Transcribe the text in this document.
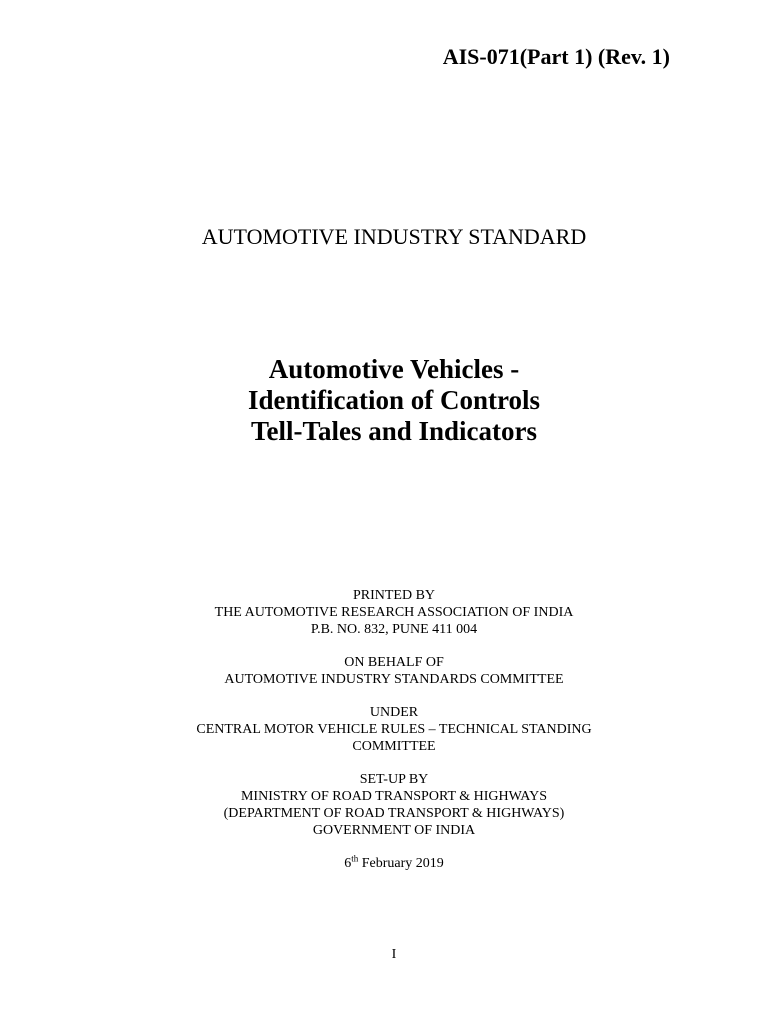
AIS-071(Part 1) (Rev. 1)
AUTOMOTIVE INDUSTRY STANDARD
Automotive Vehicles -
Identification of Controls
Tell-Tales and Indicators
PRINTED BY
THE AUTOMOTIVE RESEARCH ASSOCIATION OF INDIA
P.B. NO. 832, PUNE 411 004
ON BEHALF OF
AUTOMOTIVE INDUSTRY STANDARDS COMMITTEE
UNDER
CENTRAL MOTOR VEHICLE RULES – TECHNICAL STANDING
COMMITTEE
SET-UP BY
MINISTRY OF ROAD TRANSPORT & HIGHWAYS
(DEPARTMENT OF ROAD TRANSPORT & HIGHWAYS)
GOVERNMENT OF INDIA
6th February 2019
I
